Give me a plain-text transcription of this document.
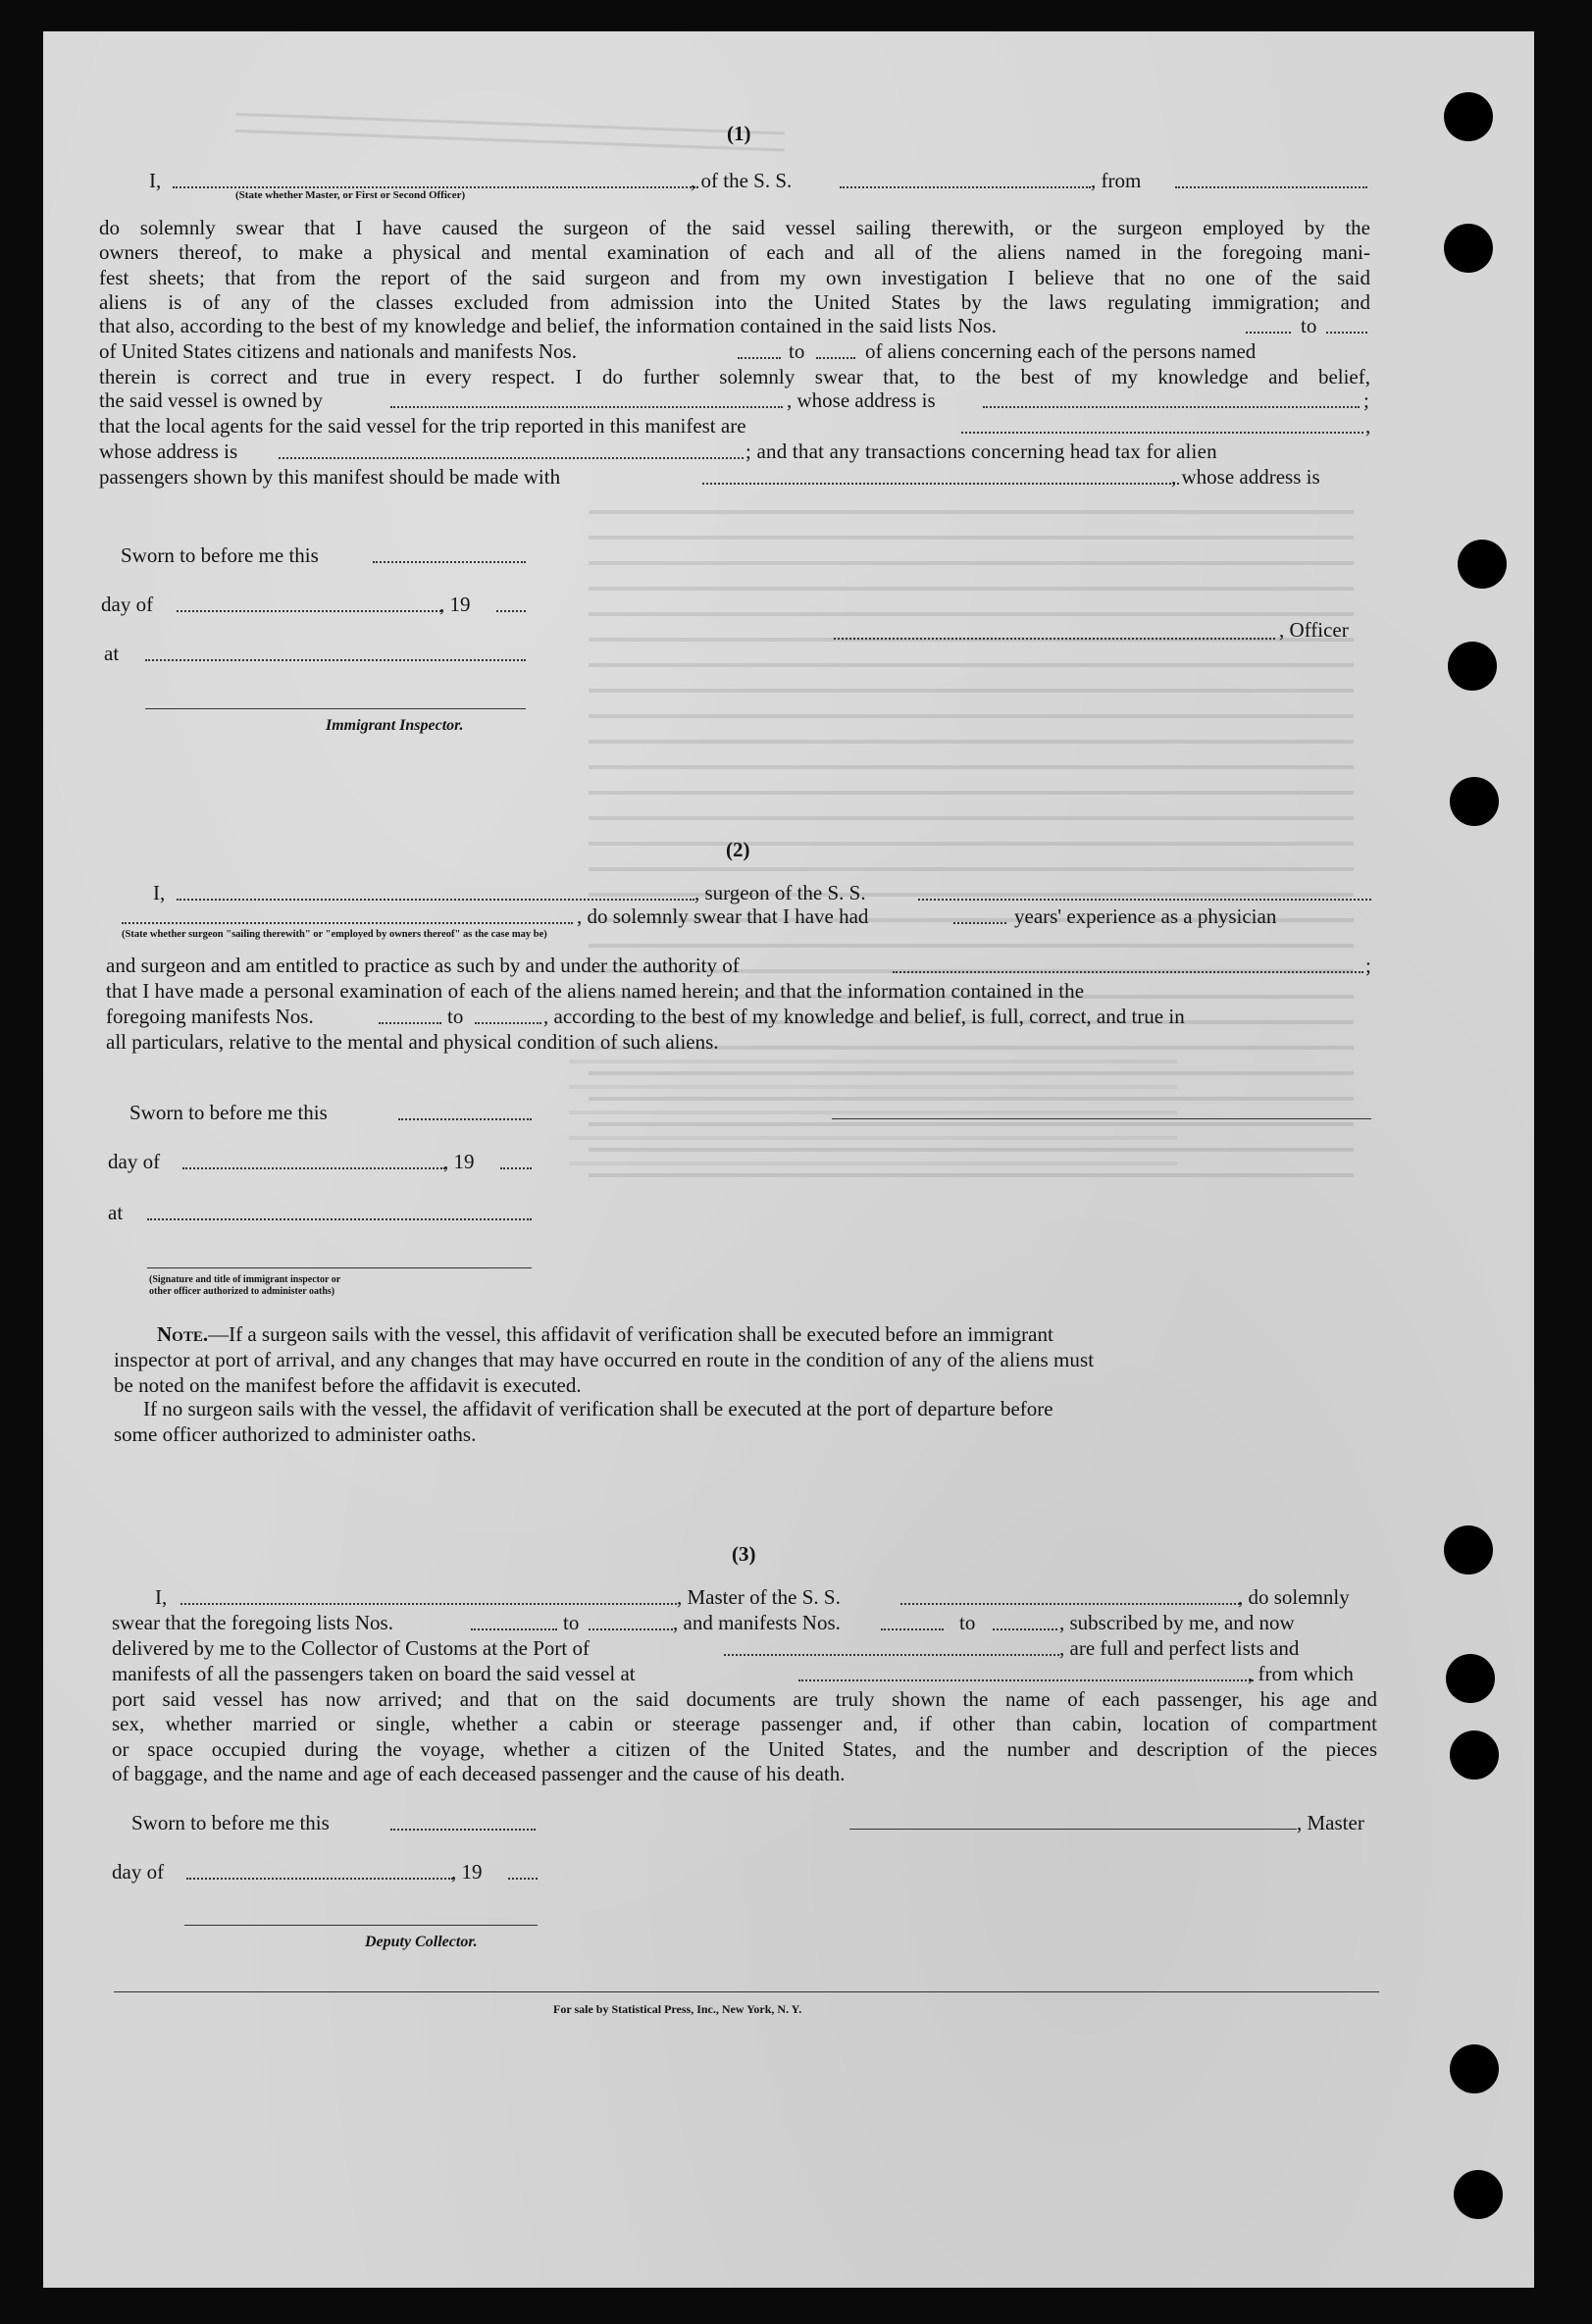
(1)
I,	, of the S. S.	, from
(State whether Master, or First or Second Officer)
do solemnly swear that I have caused the surgeon of the said vessel sailing therewith, or the surgeon employed by the
owners thereof, to make a physical and mental examination of each and all of the aliens named in the foregoing mani-
fest sheets; that from the report of the said surgeon and from my own investigation I believe that no one of the said
aliens is of any of the classes excluded from admission into the United States by the laws regulating immigration; and
that also, according to the best of my knowledge and belief, the information contained in the said lists Nos.	to
of United States citizens and nationals and manifests Nos.	to	of aliens concerning each of the persons named
therein is correct and true in every respect. I do further solemnly swear that, to the best of my knowledge and belief,
the said vessel is owned by	, whose address is	;
that the local agents for the said vessel for the trip reported in this manifest are	,
whose address is	; and that any transactions concerning head tax for alien
passengers shown by this manifest should be made with	, whose address is
Sworn to before me this
day of	, 19
at
, Officer
Immigrant Inspector.
(2)
I,	, surgeon of the S. S.
, do solemnly swear that I have had	years' experience as a physician
(State whether surgeon "sailing therewith" or "employed by owners thereof" as the case may be)
and surgeon and am entitled to practice as such by and under the authority of	;
that I have made a personal examination of each of the aliens named herein; and that the information contained in the
foregoing manifests Nos.	to	, according to the best of my knowledge and belief, is full, correct, and true in
all particulars, relative to the mental and physical condition of such aliens.
Sworn to before me this
day of	, 19
at
(Signature and title of immigrant inspector or
other officer authorized to administer oaths)
Note.—If a surgeon sails with the vessel, this affidavit of verification shall be executed before an immigrant
inspector at port of arrival, and any changes that may have occurred en route in the condition of any of the aliens must
be noted on the manifest before the affidavit is executed.
If no surgeon sails with the vessel, the affidavit of verification shall be executed at the port of departure before
some officer authorized to administer oaths.
(3)
I,	, Master of the S. S.	, do solemnly
swear that the foregoing lists Nos.	to	, and manifests Nos.	to	, subscribed by me, and now
delivered by me to the Collector of Customs at the Port of	, are full and perfect lists and
manifests of all the passengers taken on board the said vessel at	, from which
port said vessel has now arrived; and that on the said documents are truly shown the name of each passenger, his age and
sex, whether married or single, whether a cabin or steerage passenger and, if other than cabin, location of compartment
or space occupied during the voyage, whether a citizen of the United States, and the number and description of the pieces
of baggage, and the name and age of each deceased passenger and the cause of his death.
Sworn to before me this	, Master
day of	, 19
Deputy Collector.
For sale by Statistical Press, Inc., New York, N. Y.
